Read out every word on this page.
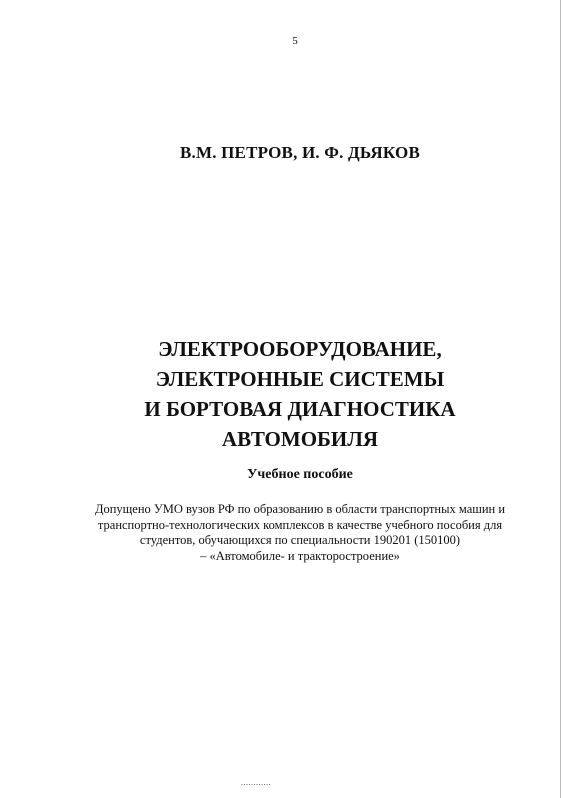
5
В.М. ПЕТРОВ, И. Ф. ДЬЯКОВ
ЭЛЕКТРООБОРУДОВАНИЕ,
ЭЛЕКТРОННЫЕ СИСТЕМЫ
И БОРТОВАЯ ДИАГНОСТИКА
АВТОМОБИЛЯ
Учебное пособие
Допущено УМО вузов РФ по образованию в области транспортных машин и
транспортно-технологических комплексов в качестве учебного пособия для
студентов, обучающихся по специальности 190201 (150100)
– «Автомобиле- и тракторостроение»
............
